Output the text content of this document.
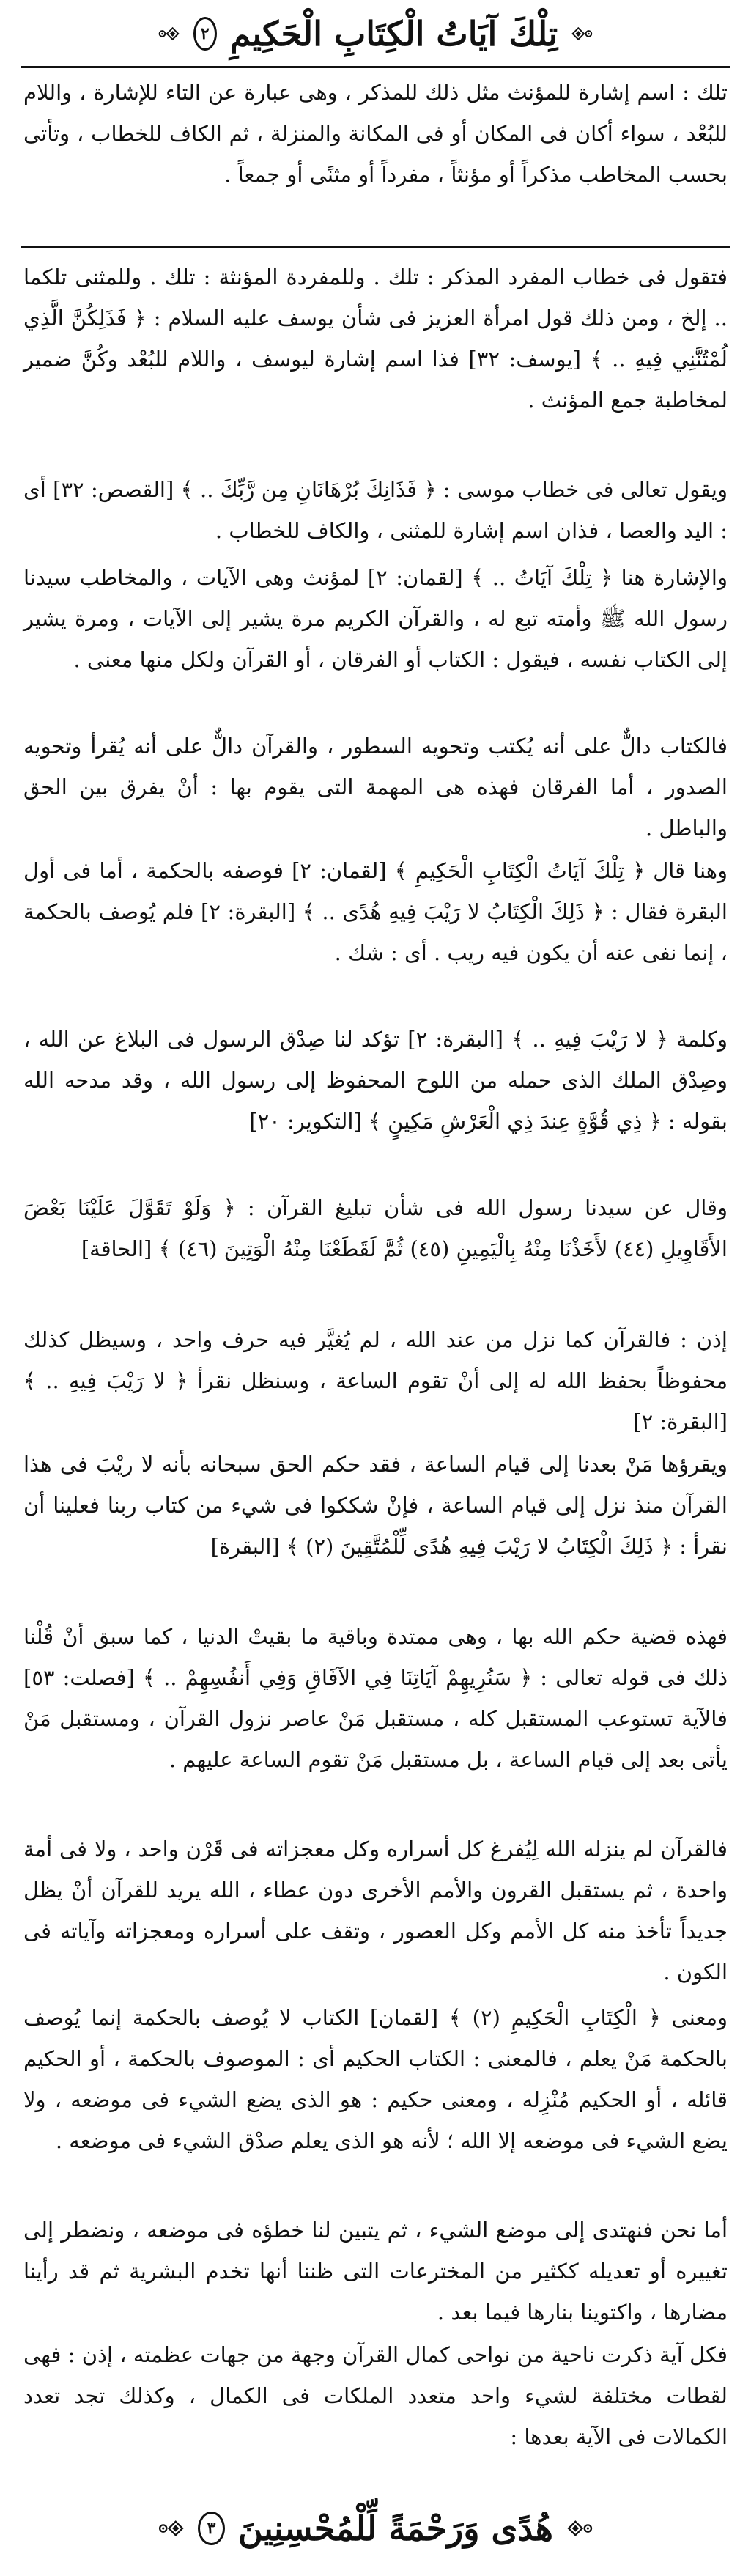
تِلْكَ آيَاتُ الْكِتَابِ الْحَكِيمِ
٢

تلك : اسم إشارة للمؤنث مثل ذلك للمذكر ، وهى عبارة عن التاء للإشارة ، واللام للبُعْد ، سواء أكان فى المكان أو فى المكانة والمنزلة ، ثم الكاف للخطاب ، وتأتى بحسب المخاطب مذكراً أو مؤنثاً ، مفرداً أو مثنًى أو جمعاً .

فتقول فى خطاب المفرد المذكر : تلك . وللمفردة المؤنثة : تلك . وللمثنى تلكما .. إلخ ، ومن ذلك قول امرأة العزيز فى شأن يوسف عليه السلام : ﴿ فَذَلِكُنَّ الَّذِي لُمْتُنَّنِي فِيهِ .. ﴾ [يوسف: ٣٢] فذا اسم إشارة ليوسف ، واللام للبُعْد وكُنَّ ضمير لمخاطبة جمع المؤنث .

ويقول تعالى فى خطاب موسى : ﴿ فَذَانِكَ بُرْهَانَانِ مِن رَّبِّكَ .. ﴾ [القصص: ٣٢] أى : اليد والعصا ، فذان اسم إشارة للمثنى ، والكاف للخطاب .

والإشارة هنا ﴿ تِلْكَ آيَاتُ .. ﴾ [لقمان: ٢] لمؤنث وهى الآيات ، والمخاطب سيدنا رسول الله ﷺ وأمته تبع له ، والقرآن الكريم مرة يشير إلى الآيات ، ومرة يشير إلى الكتاب نفسه ، فيقول : الكتاب أو الفرقان ، أو القرآن ولكل منها معنى .

فالكتاب دالٌّ على أنه يُكتب وتحويه السطور ، والقرآن دالٌّ على أنه يُقرأ وتحويه الصدور ، أما الفرقان فهذه هى المهمة التى يقوم بها : أنْ يفرق بين الحق والباطل .

وهنا قال ﴿ تِلْكَ آيَاتُ الْكِتَابِ الْحَكِيمِ ﴾ [لقمان: ٢] فوصفه بالحكمة ، أما فى أول البقرة فقال : ﴿ ذَلِكَ الْكِتَابُ لا رَيْبَ فِيهِ هُدًى .. ﴾ [البقرة: ٢] فلم يُوصف بالحكمة ، إنما نفى عنه أن يكون فيه ريب . أى : شك .

وكلمة ﴿ لا رَيْبَ فِيهِ .. ﴾ [البقرة: ٢] تؤكد لنا صِدْق الرسول فى البلاغ عن الله ، وصِدْق الملك الذى حمله من اللوح المحفوظ إلى رسول الله ، وقد مدحه الله بقوله : ﴿ ذِي قُوَّةٍ عِندَ ذِي الْعَرْشِ مَكِينٍ ﴾ [التكوير: ٢٠]

وقال عن سيدنا رسول الله فى شأن تبليغ القرآن : ﴿ وَلَوْ تَقَوَّلَ عَلَيْنَا بَعْضَ الأَقَاوِيلِ (٤٤) لأَخَذْنَا مِنْهُ بِالْيَمِينِ (٤٥) ثُمَّ لَقَطَعْنَا مِنْهُ الْوَتِينَ (٤٦) ﴾ [الحاقة]

إذن : فالقرآن كما نزل من عند الله ، لم يُغيَّر فيه حرف واحد ، وسيظل كذلك محفوظاً بحفظ الله له إلى أنْ تقوم الساعة ، وسنظل نقرأ ﴿ لا رَيْبَ فِيهِ .. ﴾ [البقرة: ٢]

ويقرؤها مَنْ بعدنا إلى قيام الساعة ، فقد حكم الحق سبحانه بأنه لا ريْبَ فى هذا القرآن منذ نزل إلى قيام الساعة ، فإنْ شككوا فى شيء من كتاب ربنا فعلينا أن نقرأ : ﴿ ذَلِكَ الْكِتَابُ لا رَيْبَ فِيهِ هُدًى لِّلْمُتَّقِينَ (٢) ﴾ [البقرة]

فهذه قضية حكم الله بها ، وهى ممتدة وباقية ما بقيتْ الدنيا ، كما سبق أنْ قُلْنا ذلك فى قوله تعالى : ﴿ سَنُرِيهِمْ آيَاتِنَا فِي الآفَاقِ وَفِي أَنفُسِهِمْ .. ﴾ [فصلت: ٥٣] فالآية تستوعب المستقبل كله ، مستقبل مَنْ عاصر نزول القرآن ، ومستقبل مَنْ يأتى بعد إلى قيام الساعة ، بل مستقبل مَنْ تقوم الساعة عليهم .

فالقرآن لم ينزله الله لِيُفرغ كل أسراره وكل معجزاته فى قَرْن واحد ، ولا فى أمة واحدة ، ثم يستقبل القرون والأمم الأخرى دون عطاء ، الله يريد للقرآن أنْ يظل جديداً تأخذ منه كل الأمم وكل العصور ، وتقف على أسراره ومعجزاته وآياته فى الكون .

ومعنى ﴿ الْكِتَابِ الْحَكِيمِ (٢) ﴾ [لقمان] الكتاب لا يُوصف بالحكمة إنما يُوصف بالحكمة مَنْ يعلم ، فالمعنى : الكتاب الحكيم أى : الموصوف بالحكمة ، أو الحكيم قائله ، أو الحكيم مُنْزِله ، ومعنى حكيم : هو الذى يضع الشيء فى موضعه ، ولا يضع الشيء فى موضعه إلا الله ؛ لأنه هو الذى يعلم صدْق الشيء فى موضعه .

أما نحن فنهتدى إلى موضع الشيء ، ثم يتبين لنا خطؤه فى موضعه ، ونضطر إلى تغييره أو تعديله ككثير من المخترعات التى ظننا أنها تخدم البشرية ثم قد رأينا مضارها ، واكتوينا بنارها فيما بعد .

فكل آية ذكرت ناحية من نواحى كمال القرآن وجهة من جهات عظمته ، إذن : فهى لقطات مختلفة لشيء واحد متعدد الملكات فى الكمال ، وكذلك تجد تعدد الكمالات فى الآية بعدها :

هُدًى وَرَحْمَةً لِّلْمُحْسِنِينَ
٣
